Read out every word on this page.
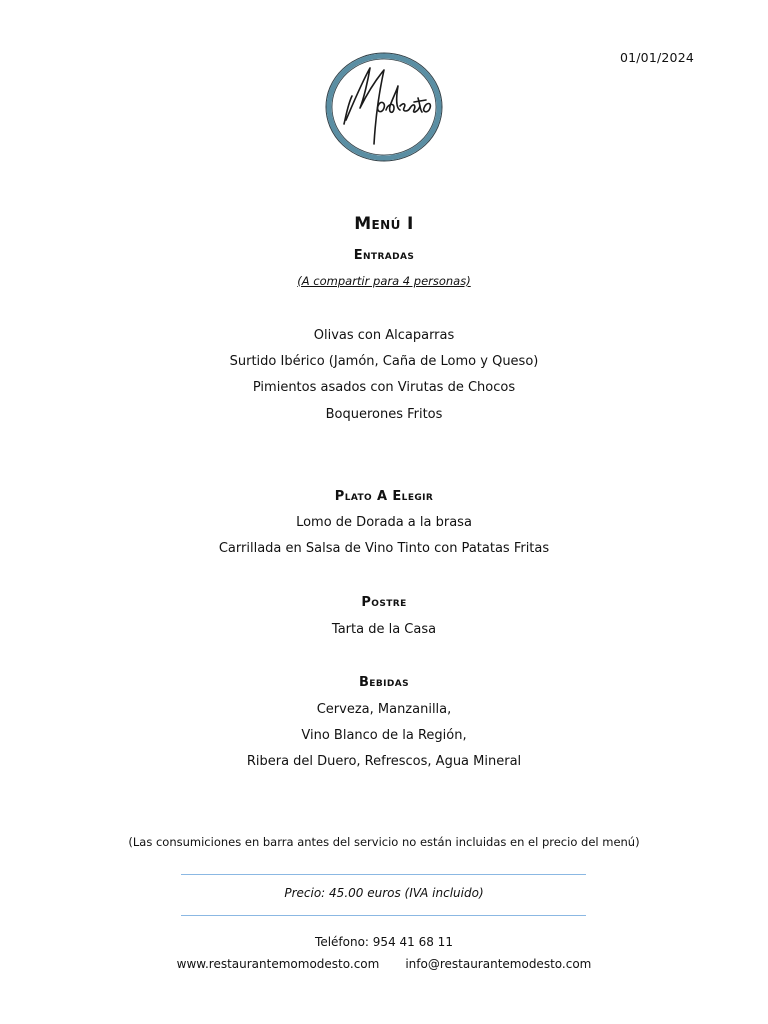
01/01/2024
Menú I
Entradas
(A compartir para 4 personas)
Olivas con Alcaparras
Surtido Ibérico (Jamón, Caña de Lomo y Queso)
Pimientos asados con Virutas de Chocos
Boquerones Fritos
Plato A Elegir
Lomo de Dorada a la brasa
Carrillada en Salsa de Vino Tinto con Patatas Fritas
Postre
Tarta de la Casa
Bebidas
Cerveza, Manzanilla,
Vino Blanco de la Región,
Ribera del Duero, Refrescos, Agua Mineral
(Las consumiciones en barra antes del servicio no están incluidas en el precio del menú)
Precio: 45.00 euros (IVA incluido)
Teléfono: 954 41 68 11
www.restaurantemomodesto.com info@restaurantemodesto.com
